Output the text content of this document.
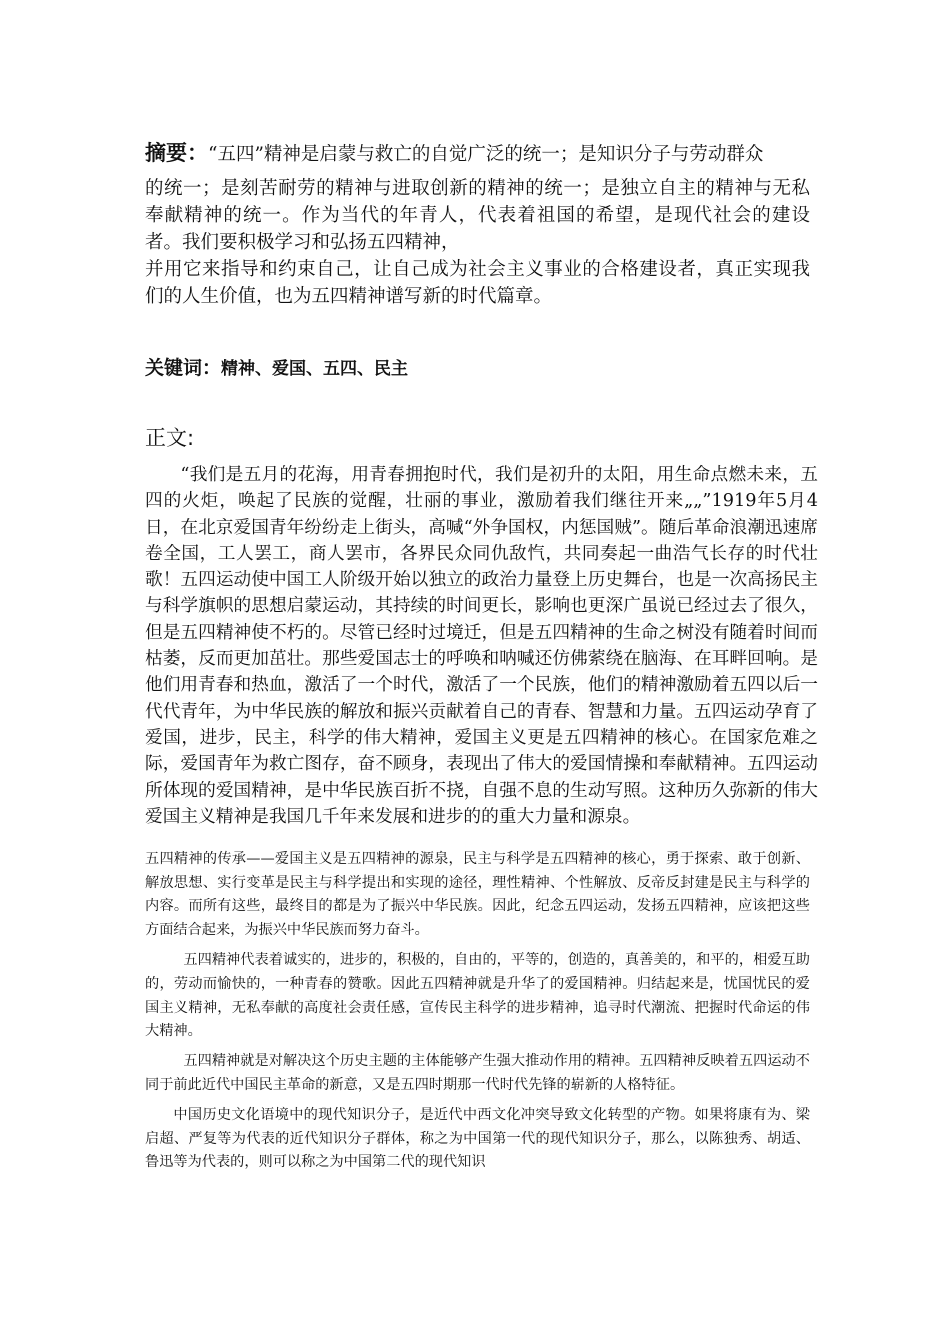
摘要：“五四”精神是启蒙与救亡的自觉广泛的统一；是知识分子与劳动群众
的统一；是刻苦耐劳的精神与进取创新的精神的统一；是独立自主的精神与无私奉献精神的统一。作为当代的年青人，代表着祖国的希望，是现代社会的建设者。我们要积极学习和弘扬五四精神，
并用它来指导和约束自己，让自己成为社会主义事业的合格建设者，真正实现我们的人生价值，也为五四精神谱写新的时代篇章。
关键词：精神、爱国、五四、民主
正文:

“我们是五月的花海，用青春拥抱时代，我们是初升的太阳，用生命点燃未来，五四的火炬，唤起了民族的觉醒，壮丽的事业，激励着我们继往开来„„”1919年5月4日，在北京爱国青年纷纷走上街头，高喊“外争国权，内惩国贼”。随后革命浪潮迅速席卷全国，工人罢工，商人罢市，各界民众同仇敌忾，共同奏起一曲浩气长存的时代壮歌！五四运动使中国工人阶级开始以独立的政治力量登上历史舞台，也是一次高扬民主与科学旗帜的思想启蒙运动，其持续的时间更长，影响也更深广虽说已经过去了很久，但是五四精神使不朽的。尽管已经时过境迁，但是五四精神的生命之树没有随着时间而枯萎，反而更加茁壮。那些爱国志士的呼唤和呐喊还仿佛萦绕在脑海、在耳畔回响。是他们用青春和热血，激活了一个时代，激活了一个民族，他们的精神激励着五四以后一代代青年，为中华民族的解放和振兴贡献着自己的青春、智慧和力量。五四运动孕育了爱国，进步，民主，科学的伟大精神，爱国主义更是五四精神的核心。在国家危难之际，爱国青年为救亡图存，奋不顾身，表现出了伟大的爱国情操和奉献精神。五四运动所体现的爱国精神，是中华民族百折不挠，自强不息的生动写照。这种历久弥新的伟大爱国主义精神是我国几千年来发展和进步的的重大力量和源泉。

五四精神的传承——爱国主义是五四精神的源泉，民主与科学是五四精神的核心，勇于探索、敢于创新、解放思想、实行变革是民主与科学提出和实现的途径，理性精神、个性解放、反帝反封建是民主与科学的内容。而所有这些，最终目的都是为了振兴中华民族。因此，纪念五四运动，发扬五四精神，应该把这些方面结合起来，为振兴中华民族而努力奋斗。

五四精神代表着诚实的，进步的，积极的，自由的，平等的，创造的，真善美的，和平的，相爱互助的，劳动而愉快的，一种青春的赞歌。因此五四精神就是升华了的爱国精神。归结起来是，忧国忧民的爱国主义精神，无私奉献的高度社会责任感，宣传民主科学的进步精神，追寻时代潮流、把握时代命运的伟大精神。

五四精神就是对解决这个历史主题的主体能够产生强大推动作用的精神。五四精神反映着五四运动不同于前此近代中国民主革命的新意，又是五四时期那一代时代先锋的崭新的人格特征。

中国历史文化语境中的现代知识分子，是近代中西文化冲突导致文化转型的产物。如果将康有为、梁启超、严复等为代表的近代知识分子群体，称之为中国第一代的现代知识分子，那么，以陈独秀、胡适、鲁迅等为代表的，则可以称之为中国第二代的现代知识
